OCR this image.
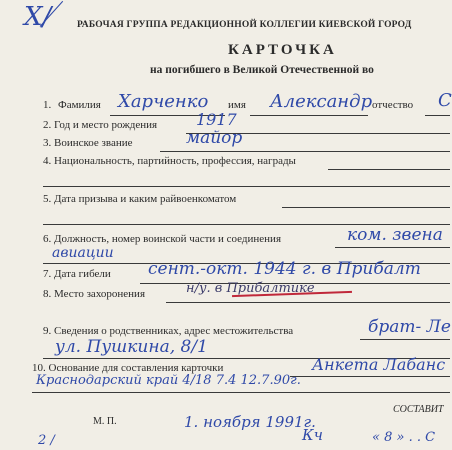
Х/	РАБОЧАЯ ГРУППА РЕДАКЦИОННОЙ КОЛЛЕГИИ КИЕВСКОЙ ГОРОД
КАРТОЧКА
на погибшего в Великой Отечественной во
1. Фамилия Харченко имя Александр отчество С
2. Год и место рождения 1917
3. Воинское звание	майор
4. Национальность, партийность, профессия, награды
5. Дата призыва и каким райвоенкоматом
6. Должность, номер воинской части и соединения	ком. звена
авиации
7. Дата гибели сент.-окт. 1944 г. в Прибалт
8. Место захоронения	н/у. в Прибалтике
9. Сведения о родственниках, адрес местожительства	брат- Ле
ул. Пушкина, 8/1
10. Основание для составления карточки	Анкета Лабанс
Краснодарский край 4/18 7.4 12.7.90г.
М. П.
СОСТАВИТ
1. ноября 1991г.
Кч	« 8 » . . С
2 /
